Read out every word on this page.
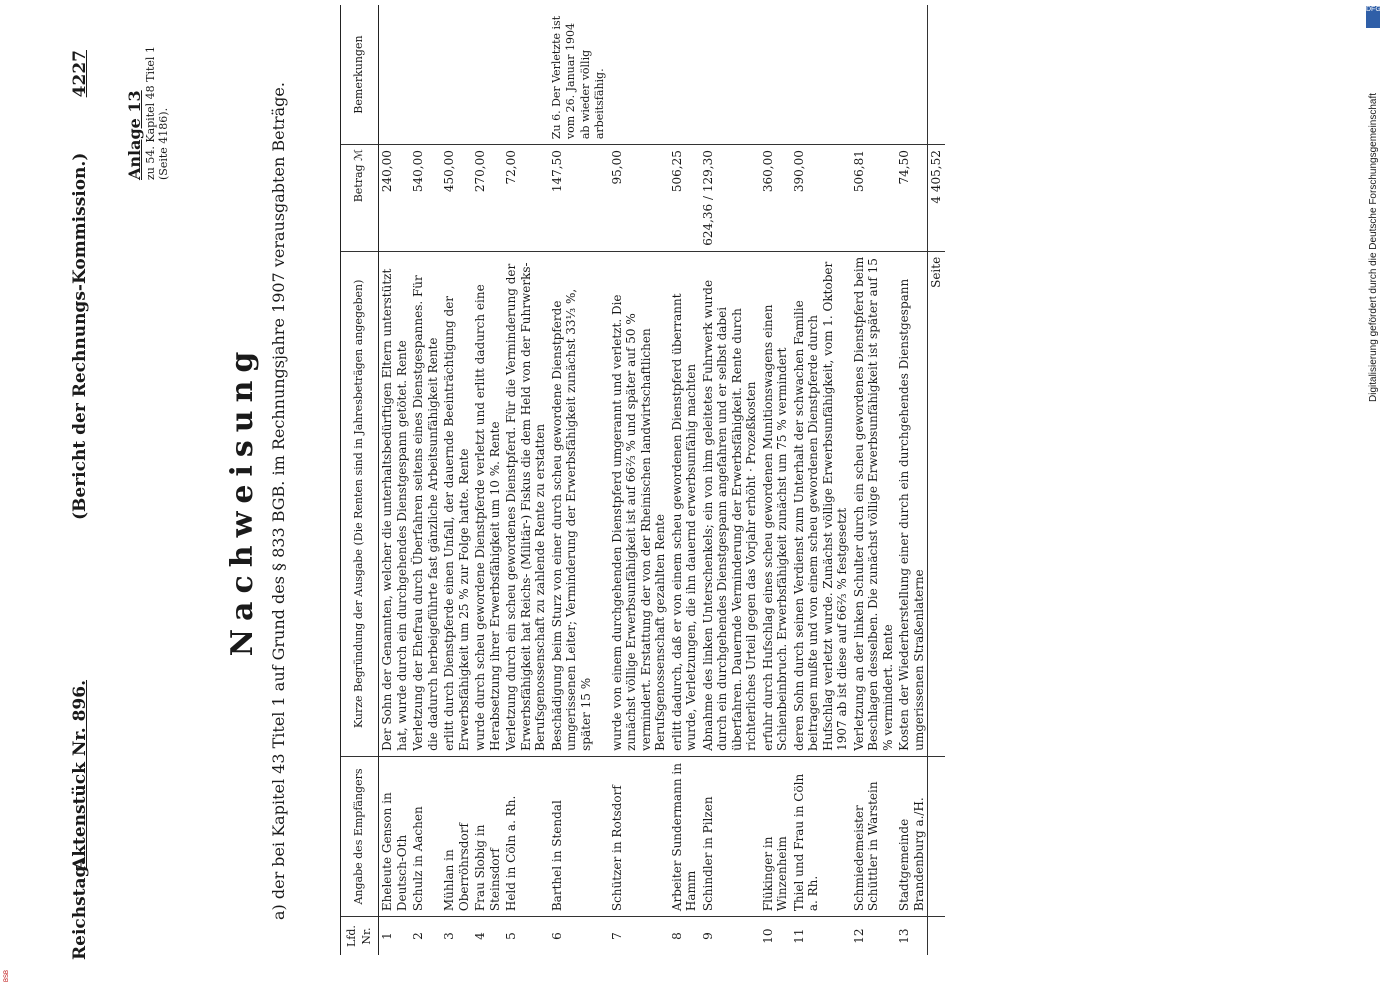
Reichstag.
Aktenstück Nr. 896.
(Bericht der Rechnungs-Kommission.)
4227
Anlage 13 zu 54. Kapitel 48 Titel 1 (Seite 4186).
Nachweisung a) der bei Kapitel 43 Titel 1 auf Grund des § 833 BGB. im Rechnungsjahre 1907 verausgabten Beträge.
Lfd. Nr.	Angabe des Empfängers	Kurze Begründung der Ausgabe (Die Renten sind in Jahresbeträgen angegeben)	Betrag ℳ	Bemerkungen
1	Eheleute Genson in Deutsch-Oth	Der Sohn der Genannten, welcher die unterhaltsbedürftigen Eltern unterstützt hat, wurde durch ein durchgehendes Dienstgespann getötet. Rente	240,00	
2	Schulz in Aachen	Verletzung der Ehefrau durch Überfahren seitens eines Dienstgespannes. Für die dadurch herbeigeführte fast gänzliche Arbeitsunfähigkeit Rente	540,00	
3	Mühlan in Oberröhrsdorf	erlitt durch Dienstpferde einen Unfall, der dauernde Beeinträchtigung der Erwerbsfähigkeit um 25 % zur Folge hatte. Rente	450,00	
4	Frau Slobig in Steinsdorf	wurde durch scheu gewordene Dienstpferde verletzt und erlitt dadurch eine Herabsetzung ihrer Erwerbsfähigkeit um 10 %. Rente	270,00	
5	Held in Cöln a. Rh.	Verletzung durch ein scheu gewordenes Dienstpferd. Für die Verminderung der Erwerbsfähigkeit hat Reichs- (Militär-) Fiskus die dem Held von der Fuhrwerks-Berufsgenossenschaft zu zahlende Rente zu erstatten	72,00	
6	Barthel in Stendal	Beschädigung beim Sturz von einer durch scheu gewordene Dienstpferde umgerissenen Leiter; Verminderung der Erwerbsfähigkeit zunächst 33⅓ %, später 15 %	147,50	Zu 6. Der Verletzte ist vom 26. Januar 1904 ab wieder völlig arbeitsfähig.
7	Schützer in Rotsdorf	wurde von einem durchgehenden Dienstpferd umgerannt und verletzt. Die zunächst völlige Erwerbsunfähigkeit ist auf 66⅔ % und später auf 50 % vermindert. Erstattung der von der Rheinischen landwirtschaftlichen Berufsgenossenschaft gezahlten Rente	95,00	
8	Arbeiter Sundermann in Hamm	erlitt dadurch, daß er von einem scheu gewordenen Dienstpferd überrannt wurde, Verletzungen, die ihn dauernd erwerbsunfähig machten	506,25	
9	Schindler in Pilzen	Abnahme des linken Unterschenkels; ein von ihm geleitetes Fuhrwerk wurde durch ein durchgehendes Dienstgespann angefahren und er selbst dabei überfahren. Dauernde Verminderung der Erwerbsfähigkeit. Rente durch richterliches Urteil gegen das Vorjahr erhöht · Prozeßkosten	624,36 / 129,30	
10	Flükinger in Winzenheim	erfuhr durch Hufschlag eines scheu gewordenen Munitionswagens einen Schienbeinbruch. Erwerbsfähigkeit zunächst um 75 % vermindert	360,00	
11	Thiel und Frau in Cöln a. Rh.	deren Sohn durch seinen Verdienst zum Unterhalt der schwachen Familie beitragen mußte und von einem scheu gewordenen Dienstpferde durch Hufschlag verletzt wurde. Zunächst völlige Erwerbsunfähigkeit, vom 1. Oktober 1907 ab ist diese auf 66⅔ % festgesetzt	390,00	
12	Schmiedemeister Schüttler in Warstein	Verletzung an der linken Schulter durch ein scheu gewordenes Dienstpferd beim Beschlagen desselben. Die zunächst völlige Erwerbsunfähigkeit ist später auf 15 % vermindert. Rente	506,81	
13	Stadtgemeinde Brandenburg a./H.	Kosten der Wiederherstellung einer durch ein durchgehendes Dienstgespann umgerissenen Straßenlaterne	74,50	
		Seite	4 405,52	
DFG
Digitalisierung gefördert durch die Deutsche Forschungsgemeinschaft
BSB
